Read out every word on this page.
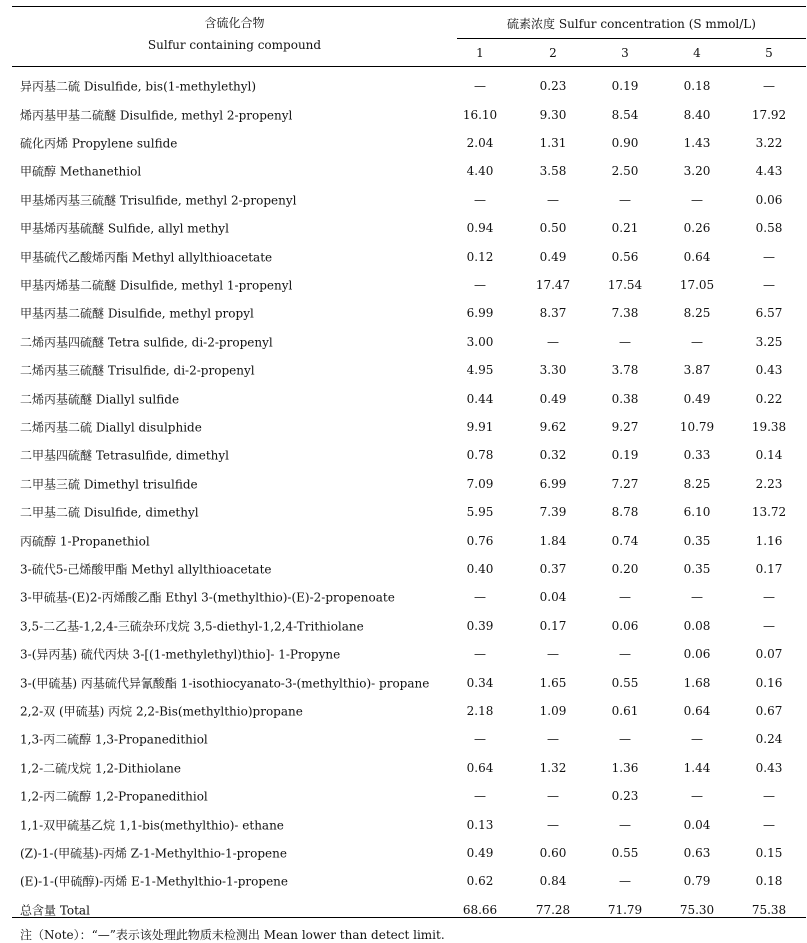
含硫化合物
Sulfur containing compound
硫素浓度 Sulfur concentration (S mmol/L)
1	2	3	4	5
异丙基二硫 Disulfide, bis(1-methylethyl)	—	0.23	0.19	0.18	—
烯丙基甲基二硫醚 Disulfide, methyl 2-propenyl	16.10	9.30	8.54	8.40	17.92
硫化丙烯 Propylene sulfide	2.04	1.31	0.90	1.43	3.22
甲硫醇 Methanethiol	4.40	3.58	2.50	3.20	4.43
甲基烯丙基三硫醚 Trisulfide, methyl 2-propenyl	—	—	—	—	0.06
甲基烯丙基硫醚 Sulfide, allyl methyl	0.94	0.50	0.21	0.26	0.58
甲基硫代乙酸烯丙酯 Methyl allylthioacetate	0.12	0.49	0.56	0.64	—
甲基丙烯基二硫醚 Disulfide, methyl 1-propenyl	—	17.47	17.54	17.05	—
甲基丙基二硫醚 Disulfide, methyl propyl	6.99	8.37	7.38	8.25	6.57
二烯丙基四硫醚 Tetra sulfide, di-2-propenyl	3.00	—	—	—	3.25
二烯丙基三硫醚 Trisulfide, di-2-propenyl	4.95	3.30	3.78	3.87	0.43
二烯丙基硫醚 Diallyl sulfide	0.44	0.49	0.38	0.49	0.22
二烯丙基二硫 Diallyl disulphide	9.91	9.62	9.27	10.79	19.38
二甲基四硫醚 Tetrasulfide, dimethyl	0.78	0.32	0.19	0.33	0.14
二甲基三硫 Dimethyl trisulfide	7.09	6.99	7.27	8.25	2.23
二甲基二硫 Disulfide, dimethyl	5.95	7.39	8.78	6.10	13.72
丙硫醇 1-Propanethiol	0.76	1.84	0.74	0.35	1.16
3-硫代5-己烯酸甲酯 Methyl allylthioacetate	0.40	0.37	0.20	0.35	0.17
3-甲硫基-(E)2-丙烯酸乙酯 Ethyl 3-(methylthio)-(E)-2-propenoate	—	0.04	—	—	—
3,5-二乙基-1,2,4-三硫杂环戊烷 3,5-diethyl-1,2,4-Trithiolane	0.39	0.17	0.06	0.08	—
3-(异丙基) 硫代丙炔 3-[(1-methylethyl)thio]- 1-Propyne	—	—	—	0.06	0.07
3-(甲硫基) 丙基硫代异氰酸酯 1-isothiocyanato-3-(methylthio)- propane	0.34	1.65	0.55	1.68	0.16
2,2-双 (甲硫基) 丙烷 2,2-Bis(methylthio)propane	2.18	1.09	0.61	0.64	0.67
1,3-丙二硫醇 1,3-Propanedithiol	—	—	—	—	0.24
1,2-二硫戊烷 1,2-Dithiolane	0.64	1.32	1.36	1.44	0.43
1,2-丙二硫醇 1,2-Propanedithiol	—	—	0.23	—	—
1,1-双甲硫基乙烷 1,1-bis(methylthio)- ethane	0.13	—	—	0.04	—
(Z)-1-(甲硫基)-丙烯 Z-1-Methylthio-1-propene	0.49	0.60	0.55	0.63	0.15
(E)-1-(甲硫醇)-丙烯 E-1-Methylthio-1-propene	0.62	0.84	—	0.79	0.18
总含量 Total	68.66	77.28	71.79	75.30	75.38
注（Note）：“—”表示该处理此物质未检测出 Mean lower than detect limit.
